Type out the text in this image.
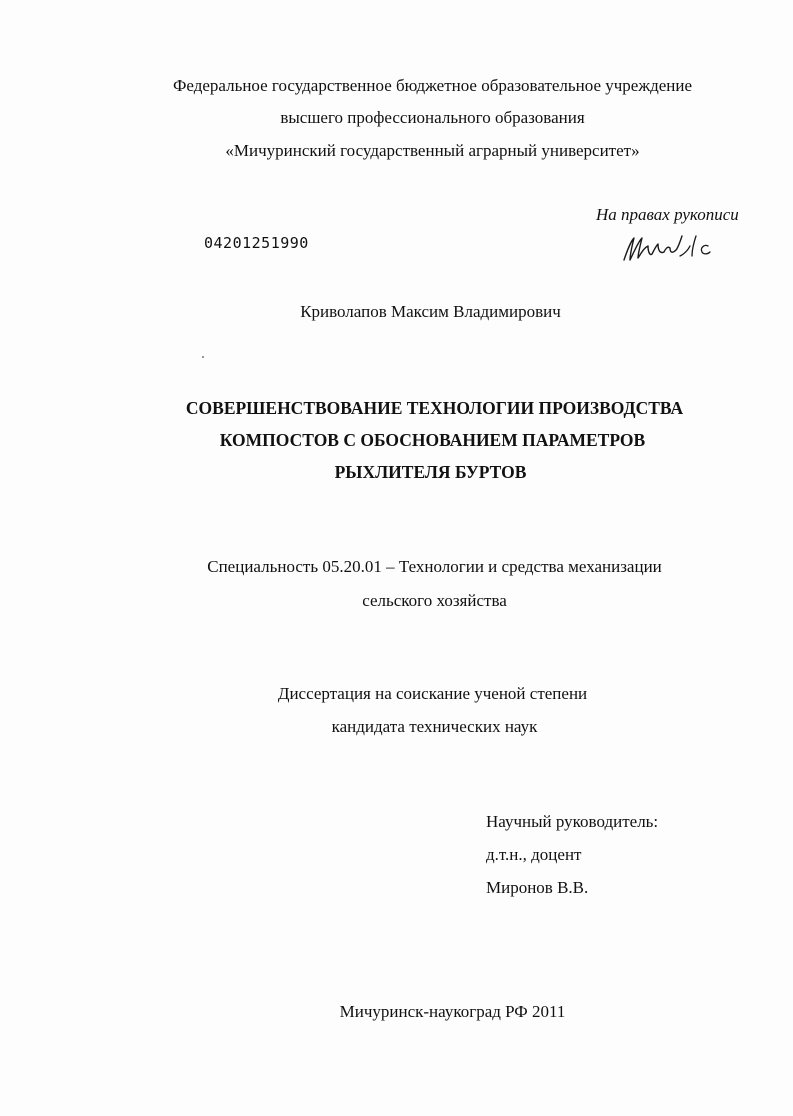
Федеральное государственное бюджетное образовательное учреждение
высшего профессионального образования
«Мичуринский государственный аграрный университет»
На правах рукописи
04201251990
Криволапов Максим Владимирович
СОВЕРШЕНСТВОВАНИЕ ТЕХНОЛОГИИ ПРОИЗВОДСТВА
КОМПОСТОВ С ОБОСНОВАНИЕМ ПАРАМЕТРОВ
РЫХЛИТЕЛЯ БУРТОВ
Специальность 05.20.01 – Технологии и средства механизации
сельского хозяйства
Диссертация на соискание ученой степени
кандидата технических наук
Научный руководитель:
д.т.н., доцент
Миронов В.В.
Мичуринск-наукоград РФ 2011
